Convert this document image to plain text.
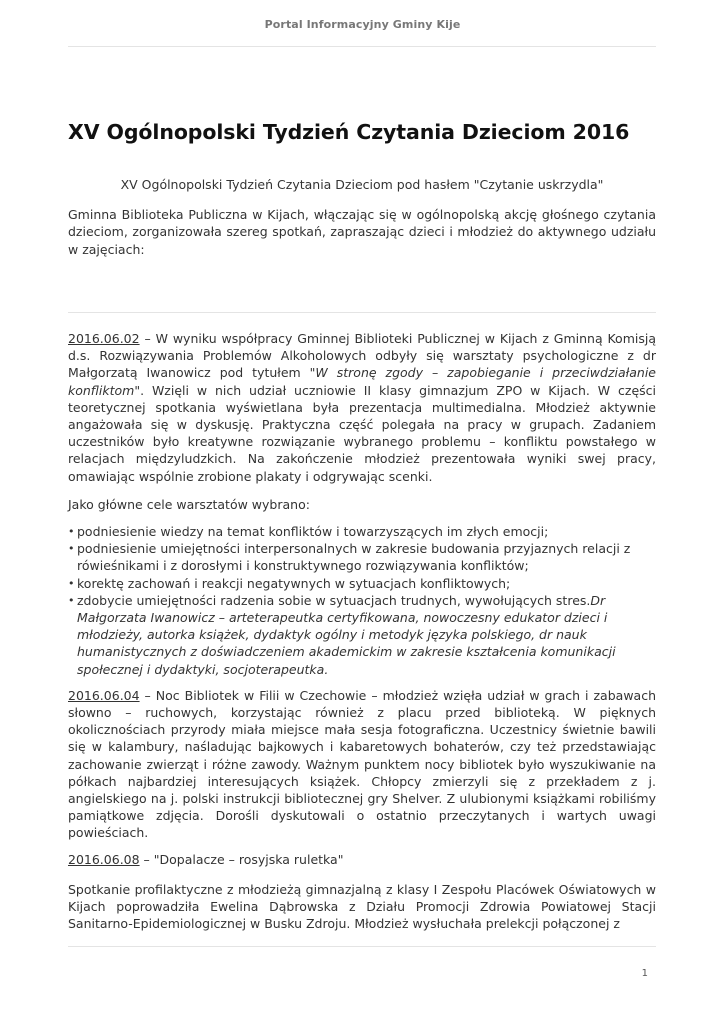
Portal Informacyjny Gminy Kije
XV Ogólnopolski Tydzień Czytania Dzieciom 2016

XV Ogólnopolski Tydzień Czytania Dzieciom pod hasłem "Czytanie uskrzydla"

Gminna Biblioteka Publiczna w Kijach, włączając się w ogólnopolską akcję głośnego czytania dzieciom, zorganizowała szereg spotkań, zapraszając dzieci i młodzież do aktywnego udziału w zajęciach:

2016.06.02 – W wyniku współpracy Gminnej Biblioteki Publicznej w Kijach z Gminną Komisją d.s. Rozwiązywania Problemów Alkoholowych odbyły się warsztaty psychologiczne z dr Małgorzatą Iwanowicz pod tytułem "W stronę zgody – zapobieganie i przeciwdziałanie konfliktom". Wzięli w nich udział uczniowie II klasy gimnazjum ZPO w Kijach. W części teoretycznej spotkania wyświetlana była prezentacja multimedialna. Młodzież aktywnie angażowała się w dyskusję. Praktyczna część polegała na pracy w grupach. Zadaniem uczestników było kreatywne rozwiązanie wybranego problemu – konfliktu powstałego w relacjach międzyludzkich. Na zakończenie młodzież prezentowała wyniki swej pracy, omawiając wspólnie zrobione plakaty i odgrywając scenki.

Jako główne cele warsztatów wybrano:

• podniesienie wiedzy na temat konfliktów i towarzyszących im złych emocji;
• podniesienie umiejętności interpersonalnych w zakresie budowania przyjaznych relacji z rówieśnikami i z dorosłymi i konstruktywnego rozwiązywania konfliktów;
• korektę zachowań i reakcji negatywnych w sytuacjach konfliktowych;
• zdobycie umiejętności radzenia sobie w sytuacjach trudnych, wywołujących stres.Dr Małgorzata Iwanowicz – arteterapeutka certyfikowana, nowoczesny edukator dzieci i młodzieży, autorka książek, dydaktyk ogólny i metodyk języka polskiego, dr nauk humanistycznych z doświadczeniem akademickim w zakresie kształcenia komunikacji społecznej i dydaktyki, socjoterapeutka.

2016.06.04 – Noc Bibliotek w Filii w Czechowie – młodzież wzięła udział w grach i zabawach słowno – ruchowych, korzystając również z placu przed biblioteką. W pięknych okolicznościach przyrody miała miejsce mała sesja fotograficzna. Uczestnicy świetnie bawili się w kalambury, naśladując bajkowych i kabaretowych bohaterów, czy też przedstawiając zachowanie zwierząt i różne zawody. Ważnym punktem nocy bibliotek było wyszukiwanie na półkach najbardziej interesujących książek. Chłopcy zmierzyli się z przekładem z j. angielskiego na j. polski instrukcji bibliotecznej gry Shelver. Z ulubionymi książkami robiliśmy pamiątkowe zdjęcia. Dorośli dyskutowali o ostatnio przeczytanych i wartych uwagi powieściach.

2016.06.08 – "Dopalacze – rosyjska ruletka"

Spotkanie profilaktyczne z młodzieżą gimnazjalną z klasy I Zespołu Placówek Oświatowych w Kijach poprowadziła Ewelina Dąbrowska z Działu Promocji Zdrowia Powiatowej Stacji Sanitarno-Epidemiologicznej w Busku Zdroju. Młodzież wysłuchała prelekcji połączonej z

1
